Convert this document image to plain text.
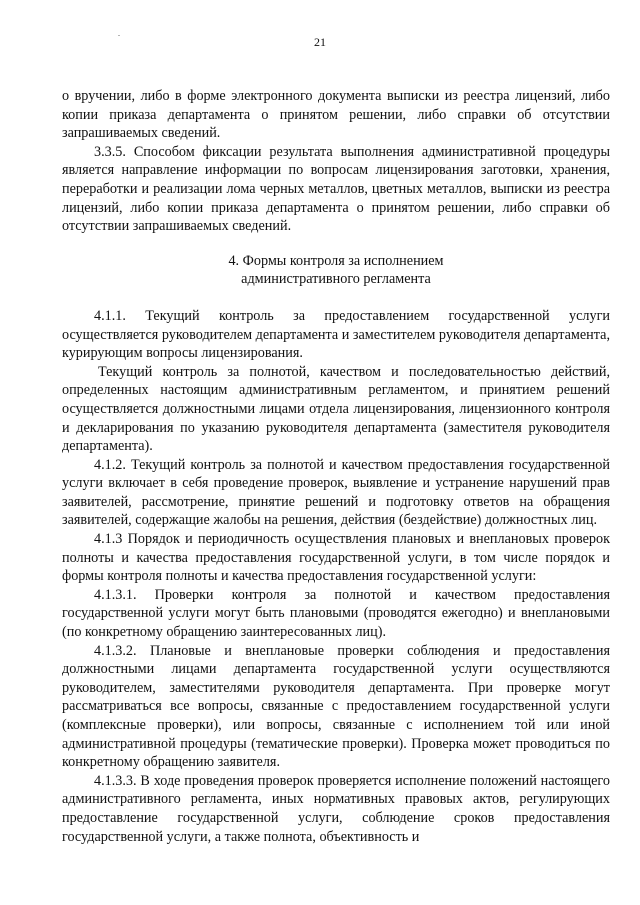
21

о вручении, либо в форме электронного документа выписки из реестра лицензий, либо копии приказа департамента о принятом решении, либо справки об отсутствии запрашиваемых сведений.

3.3.5. Способом фиксации результата выполнения административной процедуры является направление информации по вопросам лицензирования заготовки, хранения, переработки и реализации лома черных металлов, цветных металлов, выписки из реестра лицензий, либо копии приказа департамента о принятом решении, либо справки об отсутствии запрашиваемых сведений.

4. Формы контроля за исполнением
административного регламента

4.1.1. Текущий контроль за предоставлением государственной услуги осуществляется руководителем департамента и заместителем руководителя департамента, курирующим вопросы лицензирования.

Текущий контроль за полнотой, качеством и последовательностью действий, определенных настоящим административным регламентом, и принятием решений осуществляется должностными лицами отдела лицензирования, лицензионного контроля и декларирования по указанию руководителя департамента (заместителя руководителя департамента).

4.1.2. Текущий контроль за полнотой и качеством предоставления государственной услуги включает в себя проведение проверок, выявление и устранение нарушений прав заявителей, рассмотрение, принятие решений и подготовку ответов на обращения заявителей, содержащие жалобы на решения, действия (бездействие) должностных лиц.

4.1.3 Порядок и периодичность осуществления плановых и внеплановых проверок полноты и качества предоставления государственной услуги, в том числе порядок и формы контроля полноты и качества предоставления государственной услуги:

4.1.3.1. Проверки контроля за полнотой и качеством предоставления государственной услуги могут быть плановыми (проводятся ежегодно) и внеплановыми (по конкретному обращению заинтересованных лиц).

4.1.3.2. Плановые и внеплановые проверки соблюдения и предоставления должностными лицами департамента государственной услуги осуществляются руководителем, заместителями руководителя департамента. При проверке могут рассматриваться все вопросы, связанные с предоставлением государственной услуги (комплексные проверки), или вопросы, связанные с исполнением той или иной административной процедуры (тематические проверки). Проверка может проводиться по конкретному обращению заявителя.

4.1.3.3. В ходе проведения проверок проверяется исполнение положений настоящего административного регламента, иных нормативных правовых актов, регулирующих предоставление государственной услуги, соблюдение сроков предоставления государственной услуги, а также полнота, объективность и
